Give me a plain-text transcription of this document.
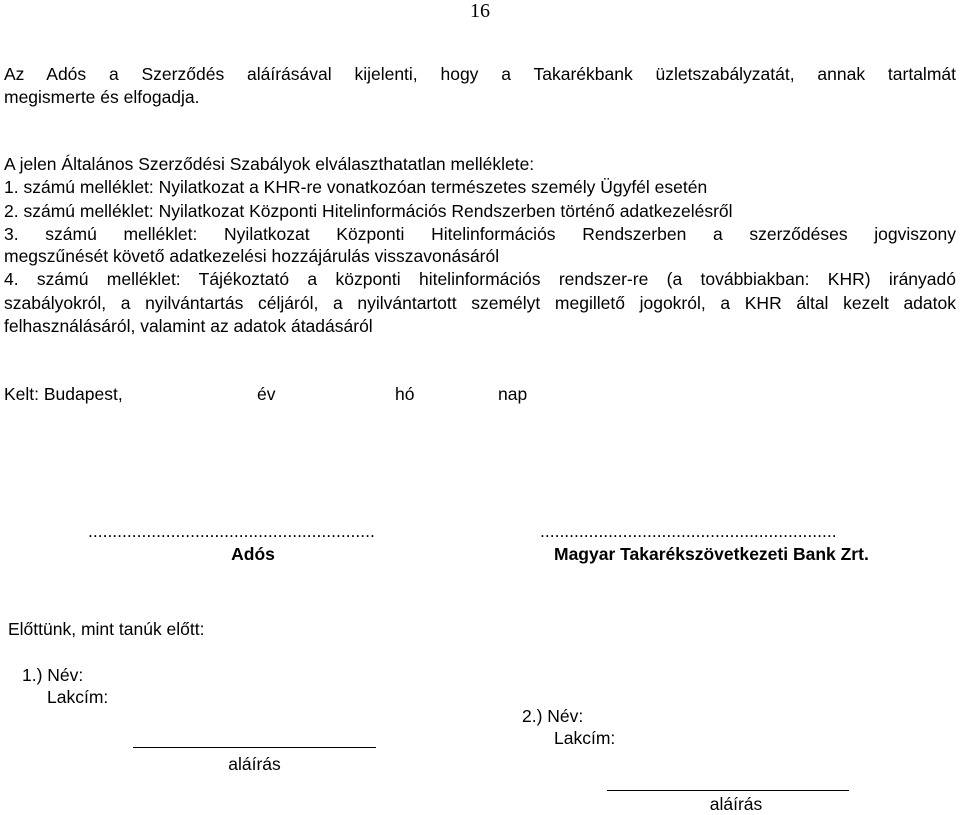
16
Az Adós a Szerződés aláírásával kijelenti, hogy a Takarékbank üzletszabályzatát, annak tartalmát
megismerte és elfogadja.
A jelen Általános Szerződési Szabályok elválaszthatatlan melléklete:
1. számú melléklet: Nyilatkozat a KHR-re vonatkozóan természetes személy Ügyfél esetén
2. számú melléklet: Nyilatkozat Központi Hitelinformációs Rendszerben történő adatkezelésről
3. számú melléklet: Nyilatkozat Központi Hitelinformációs Rendszerben a szerződéses jogviszony
megszűnését követő adatkezelési hozzájárulás visszavonásáról
4. számú melléklet: Tájékoztató a központi hitelinformációs rendszer-re (a továbbiakban: KHR) irányadó
szabályokról, a nyilvántartás céljáról, a nyilvántartott személyt megillető jogokról, a KHR által kezelt adatok
felhasználásáról, valamint az adatok átadásáról
Kelt: Budapest,	év	hó	nap
...........................................................
Adós
.............................................................
Magyar Takarékszövetkezeti Bank Zrt.
Előttünk, mint tanúk előtt:
1.) Név:
Lakcím:
aláírás
2.) Név:
Lakcím:
aláírás
